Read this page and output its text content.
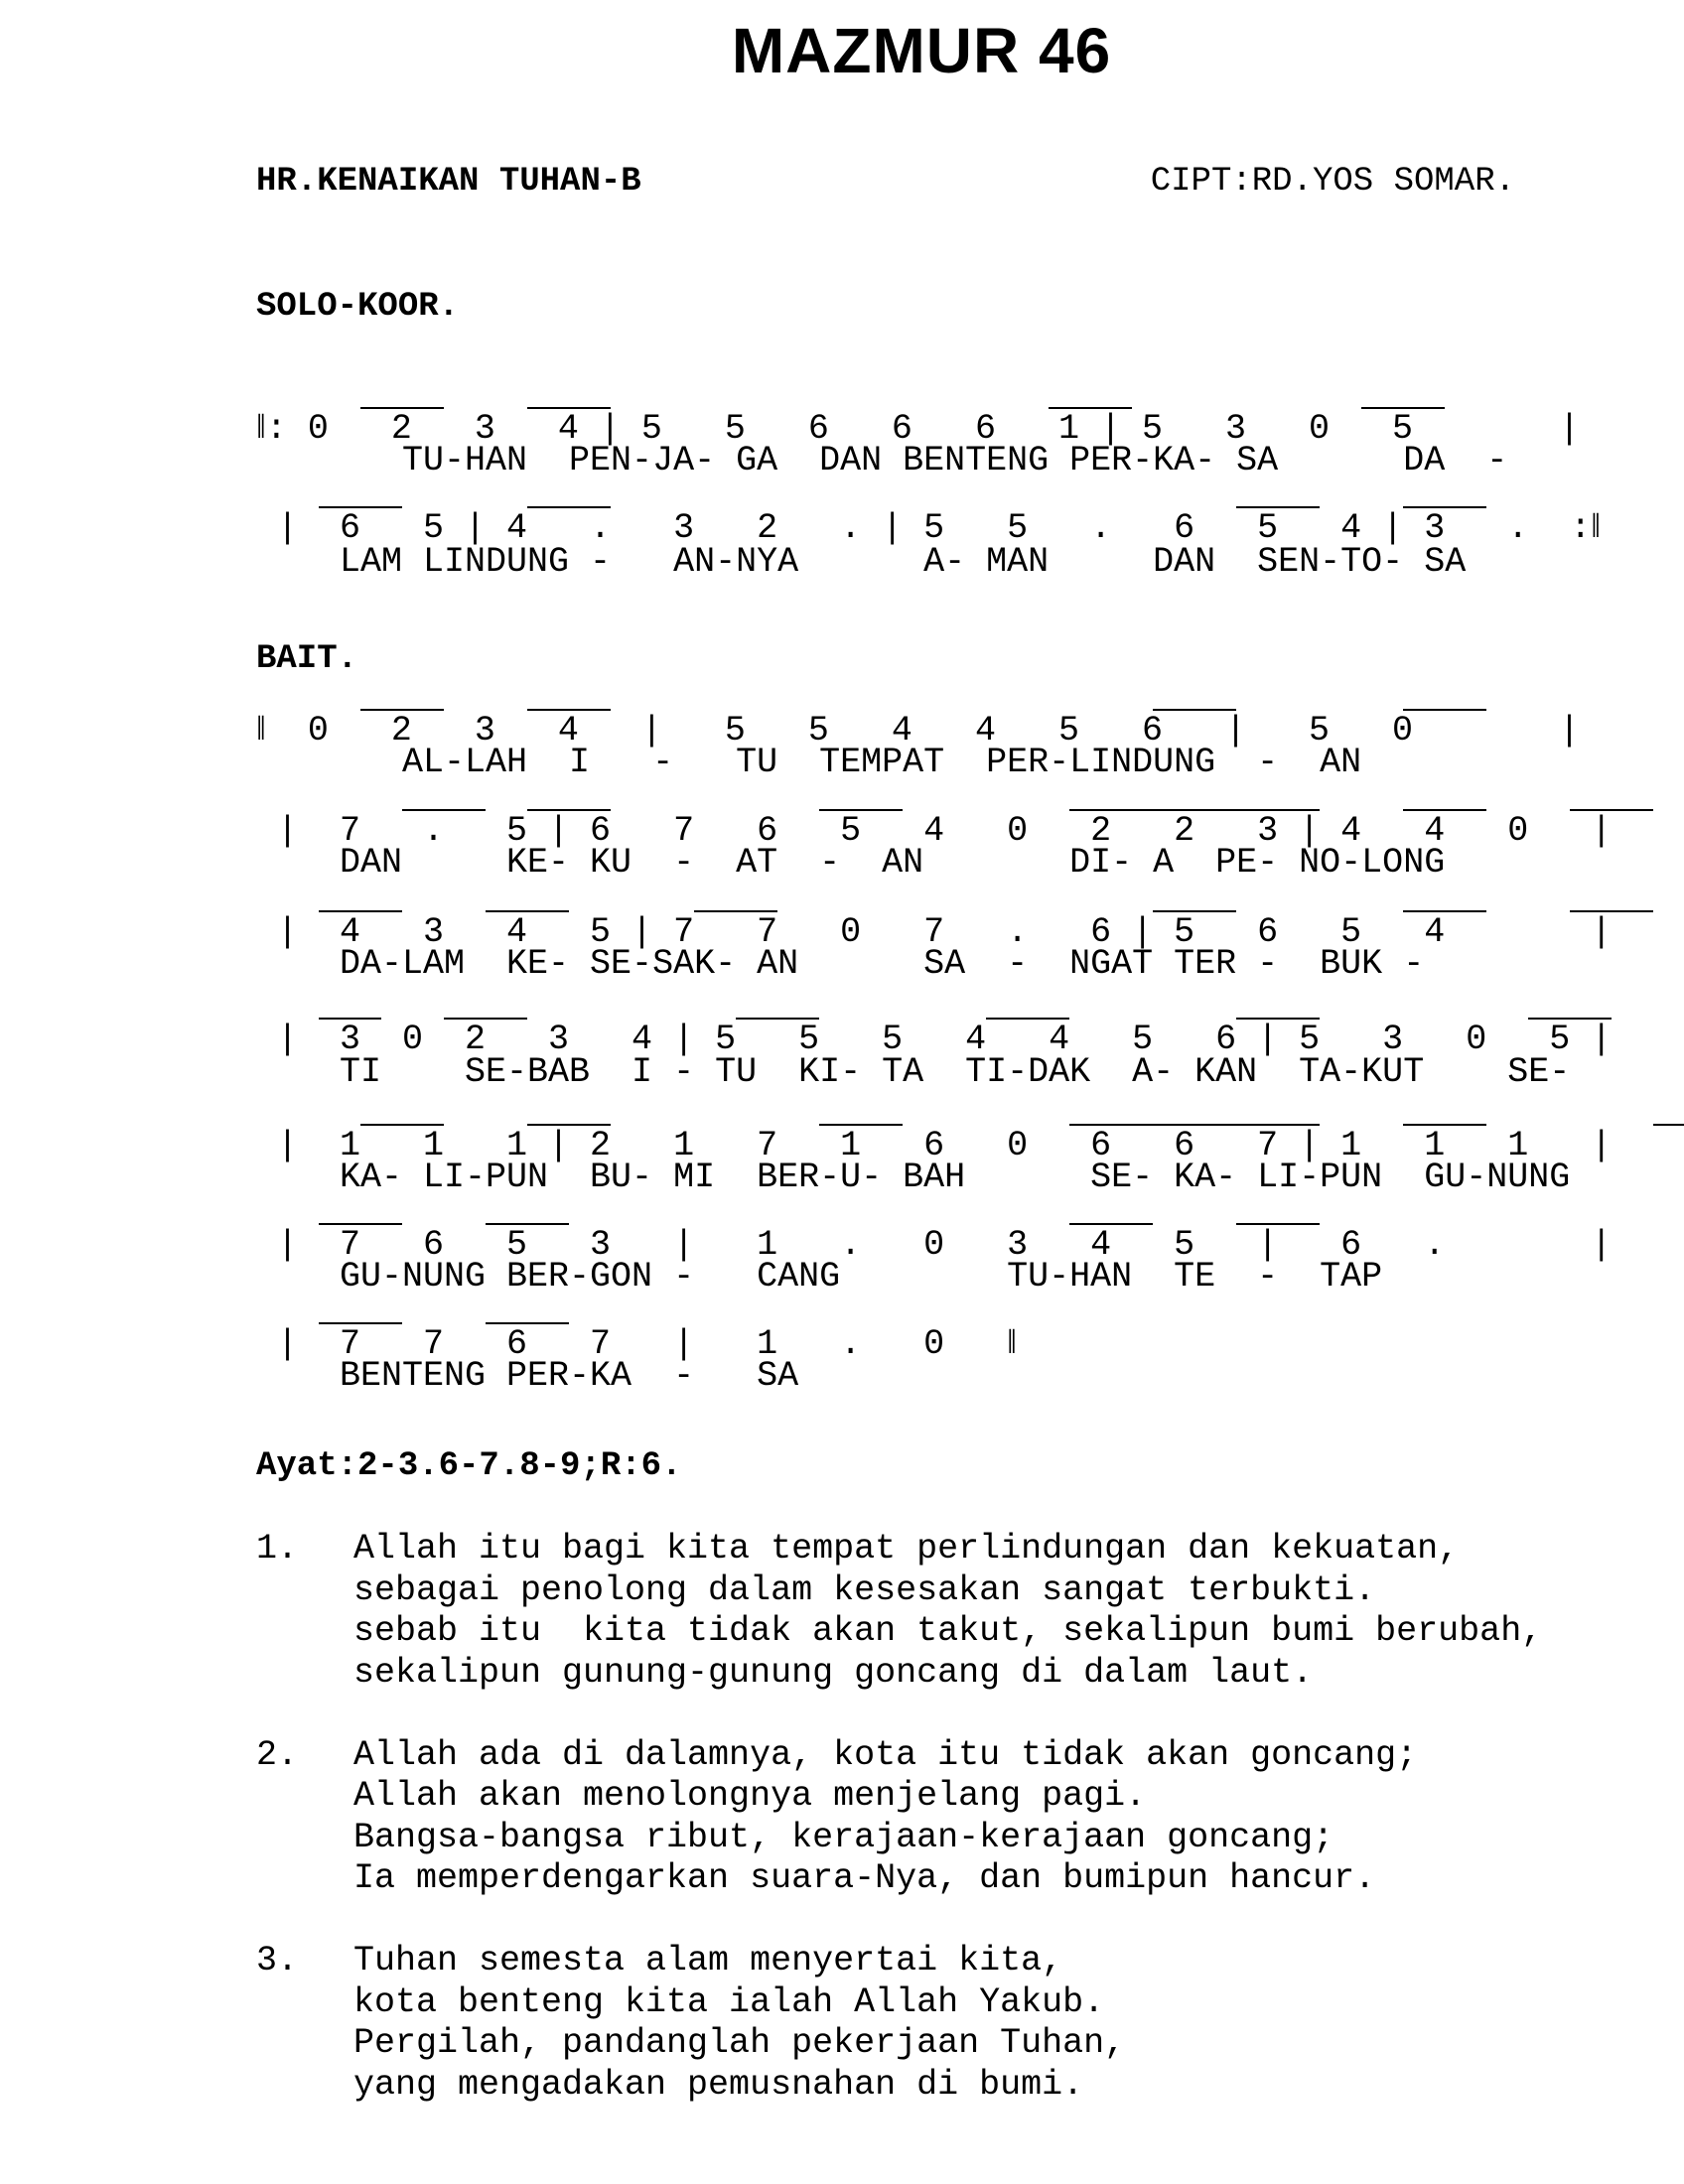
MAZMUR 46
HR.KENAIKAN TUHAN-B	CIPT:RD.YOS SOMAR.
SOLO-KOOR.
BAIT.
Ayat:2-3.6-7.8-9;R:6.
‖: 0   2   3   4 | 5   5   6   6   6   1 | 5   3   0   5       |
TU-HAN  PEN-JA- GA  DAN BENTENG PER-KA- SA      DA  -
|  6   5 | 4   .   3   2   . | 5   5   .   6   5   4 | 3   .  :‖
LAM LINDUNG -   AN-NYA      A- MAN     DAN  SEN-TO- SA
‖  0   2   3   4   |   5   5   4   4   5   6   |   5   0       |
AL-LAH  I   -   TU  TEMPAT  PER-LINDUNG  -  AN
|  7   .   5 | 6   7   6   5   4   0   2   2   3 | 4   4   0   |
DAN     KE- KU  -  AT  -  AN       DI- A  PE- NO-LONG
|  4   3   4   5 | 7   7   0   7   .   6 | 5   6   5   4       |
DA-LAM  KE- SE-SAK- AN      SA  -  NGAT TER -  BUK -
|  3  0  2   3   4 | 5   5   5   4   4   5   6 | 5   3   0   5 |
TI    SE-BAB  I - TU  KI- TA  TI-DAK  A- KAN  TA-KUT    SE-
|  1   1   1 | 2   1   7   1   6   0   6   6   7 | 1   1   1   |
KA- LI-PUN  BU- MI  BER-U- BAH      SE- KA- LI-PUN  GU-NUNG
|  7   6   5   3   |   1   .   0   3   4   5   |   6   .       |
GU-NUNG BER-GON -   CANG        TU-HAN  TE  -  TAP
|  7   7   6   7   |   1   .   0   ‖
BENTENG PER-KA  -   SA
1.	Allah itu bagi kita tempat perlindungan dan kekuatan,
sebagai penolong dalam kesesakan sangat terbukti.
sebab itu  kita tidak akan takut, sekalipun bumi berubah,
sekalipun gunung-gunung goncang di dalam laut.
2.	Allah ada di dalamnya, kota itu tidak akan goncang;
Allah akan menolongnya menjelang pagi.
Bangsa-bangsa ribut, kerajaan-kerajaan goncang;
Ia memperdengarkan suara-Nya, dan bumipun hancur.
3.	Tuhan semesta alam menyertai kita,
kota benteng kita ialah Allah Yakub.
Pergilah, pandanglah pekerjaan Tuhan,
yang mengadakan pemusnahan di bumi.
